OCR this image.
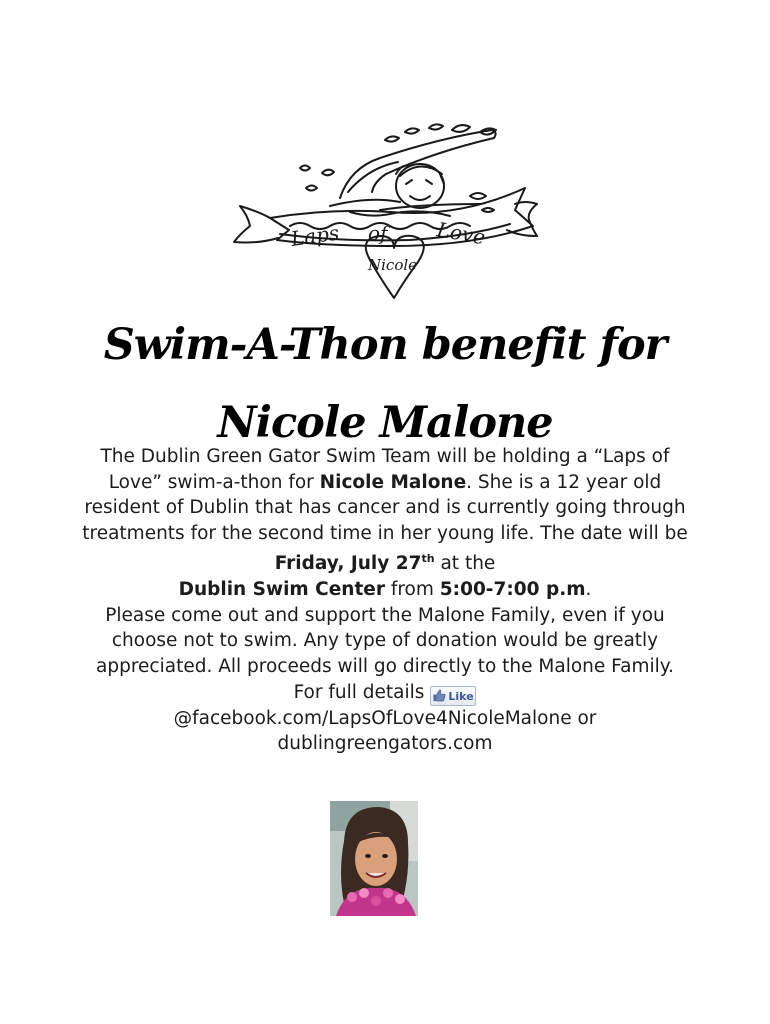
Laps of Love
Nicole
Swim-A-Thon benefit for
Nicole Malone

The Dublin Green Gator Swim Team will be holding a “Laps of Love” swim-a-thon for Nicole Malone. She is a 12 year old resident of Dublin that has cancer and is currently going through treatments for the second time in her young life. The date will be Friday, July 27th at the
Dublin Swim Center from 5:00-7:00 p.m.

Please come out and support the Malone Family, even if you choose not to swim. Any type of donation would be greatly appreciated. All proceeds will go directly to the Malone Family.

For full details Like

@facebook.com/LapsOfLove4NicoleMalone or

dublingreengators.com
